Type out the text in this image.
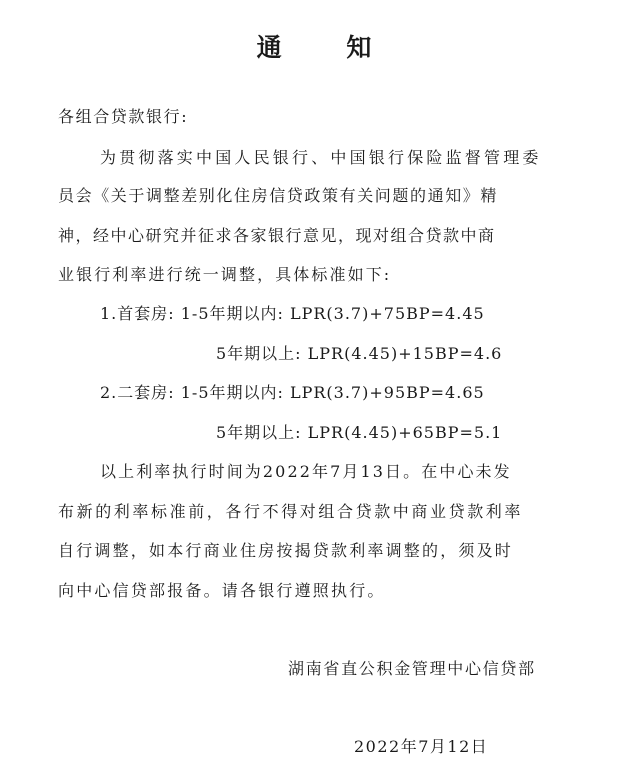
通 知
各组合贷款银行:
为贯彻落实中国人民银行、中国银行保险监督管理委
员会《关于调整差别化住房信贷政策有关问题的通知》精
神，经中心研究并征求各家银行意见，现对组合贷款中商
业银行利率进行统一调整，具体标准如下:
1.首套房: 1-5年期以内: LPR(3.7)+75BP=4.45
5年期以上: LPR(4.45)+15BP=4.6
2.二套房: 1-5年期以内: LPR(3.7)+95BP=4.65
5年期以上: LPR(4.45)+65BP=5.1
以上利率执行时间为2022年7月13日。在中心未发
布新的利率标准前，各行不得对组合贷款中商业贷款利率
自行调整，如本行商业住房按揭贷款利率调整的，须及时
向中心信贷部报备。请各银行遵照执行。
湖南省直公积金管理中心信贷部
2022年7月12日
